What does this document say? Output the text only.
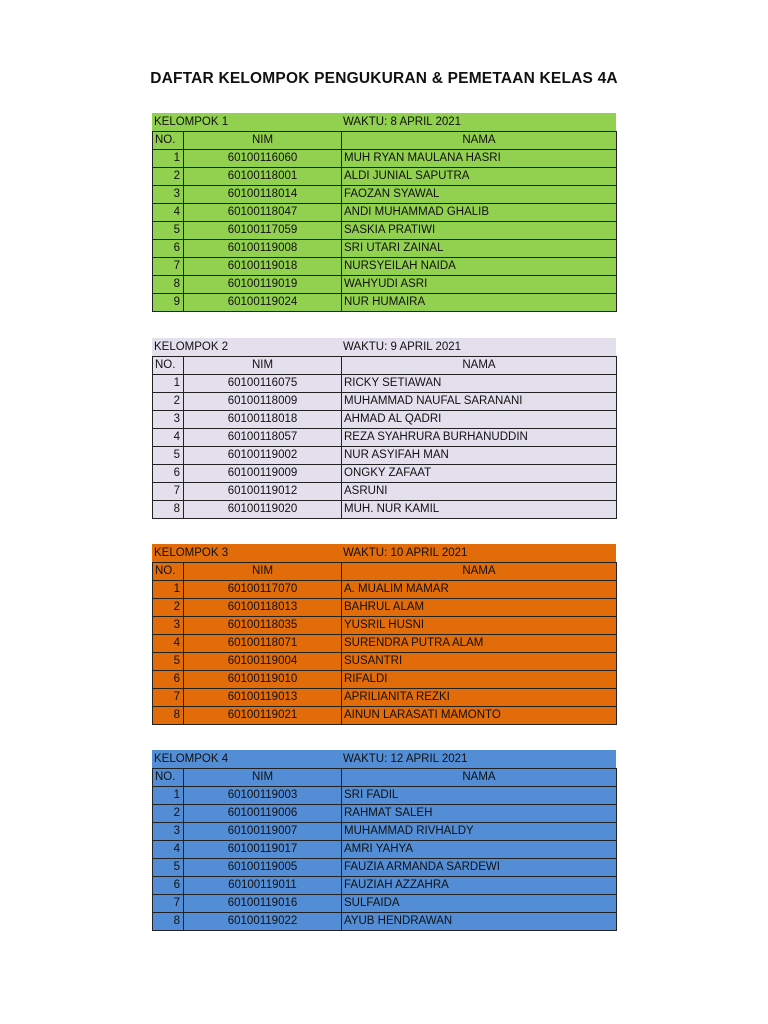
DAFTAR KELOMPOK PENGUKURAN & PEMETAAN KELAS 4A
KELOMPOK 1	WAKTU: 8 APRIL 2021
NO.	NIM	NAMA
1	60100116060	MUH RYAN MAULANA HASRI
2	60100118001	ALDI JUNIAL SAPUTRA
3	60100118014	FAOZAN SYAWAL
4	60100118047	ANDI MUHAMMAD GHALIB
5	60100117059	SASKIA PRATIWI
6	60100119008	SRI UTARI ZAINAL
7	60100119018	NURSYEILAH NAIDA
8	60100119019	WAHYUDI ASRI
9	60100119024	NUR HUMAIRA
KELOMPOK 2	WAKTU: 9 APRIL 2021
NO.	NIM	NAMA
1	60100116075	RICKY SETIAWAN
2	60100118009	MUHAMMAD NAUFAL SARANANI
3	60100118018	AHMAD AL QADRI
4	60100118057	REZA SYAHRURA BURHANUDDIN
5	60100119002	NUR ASYIFAH MAN
6	60100119009	ONGKY ZAFAAT
7	60100119012	ASRUNI
8	60100119020	MUH. NUR KAMIL
KELOMPOK 3	WAKTU: 10 APRIL 2021
NO.	NIM	NAMA
1	60100117070	A. MUALIM MAMAR
2	60100118013	BAHRUL ALAM
3	60100118035	YUSRIL HUSNI
4	60100118071	SURENDRA PUTRA ALAM
5	60100119004	SUSANTRI
6	60100119010	RIFALDI
7	60100119013	APRILIANITA REZKI
8	60100119021	AINUN LARASATI MAMONTO
KELOMPOK 4	WAKTU: 12 APRIL 2021
NO.	NIM	NAMA
1	60100119003	SRI FADIL
2	60100119006	RAHMAT SALEH
3	60100119007	MUHAMMAD RIVHALDY
4	60100119017	AMRI YAHYA
5	60100119005	FAUZIA ARMANDA SARDEWI
6	60100119011	FAUZIAH AZZAHRA
7	60100119016	SULFAIDA
8	60100119022	AYUB HENDRAWAN
